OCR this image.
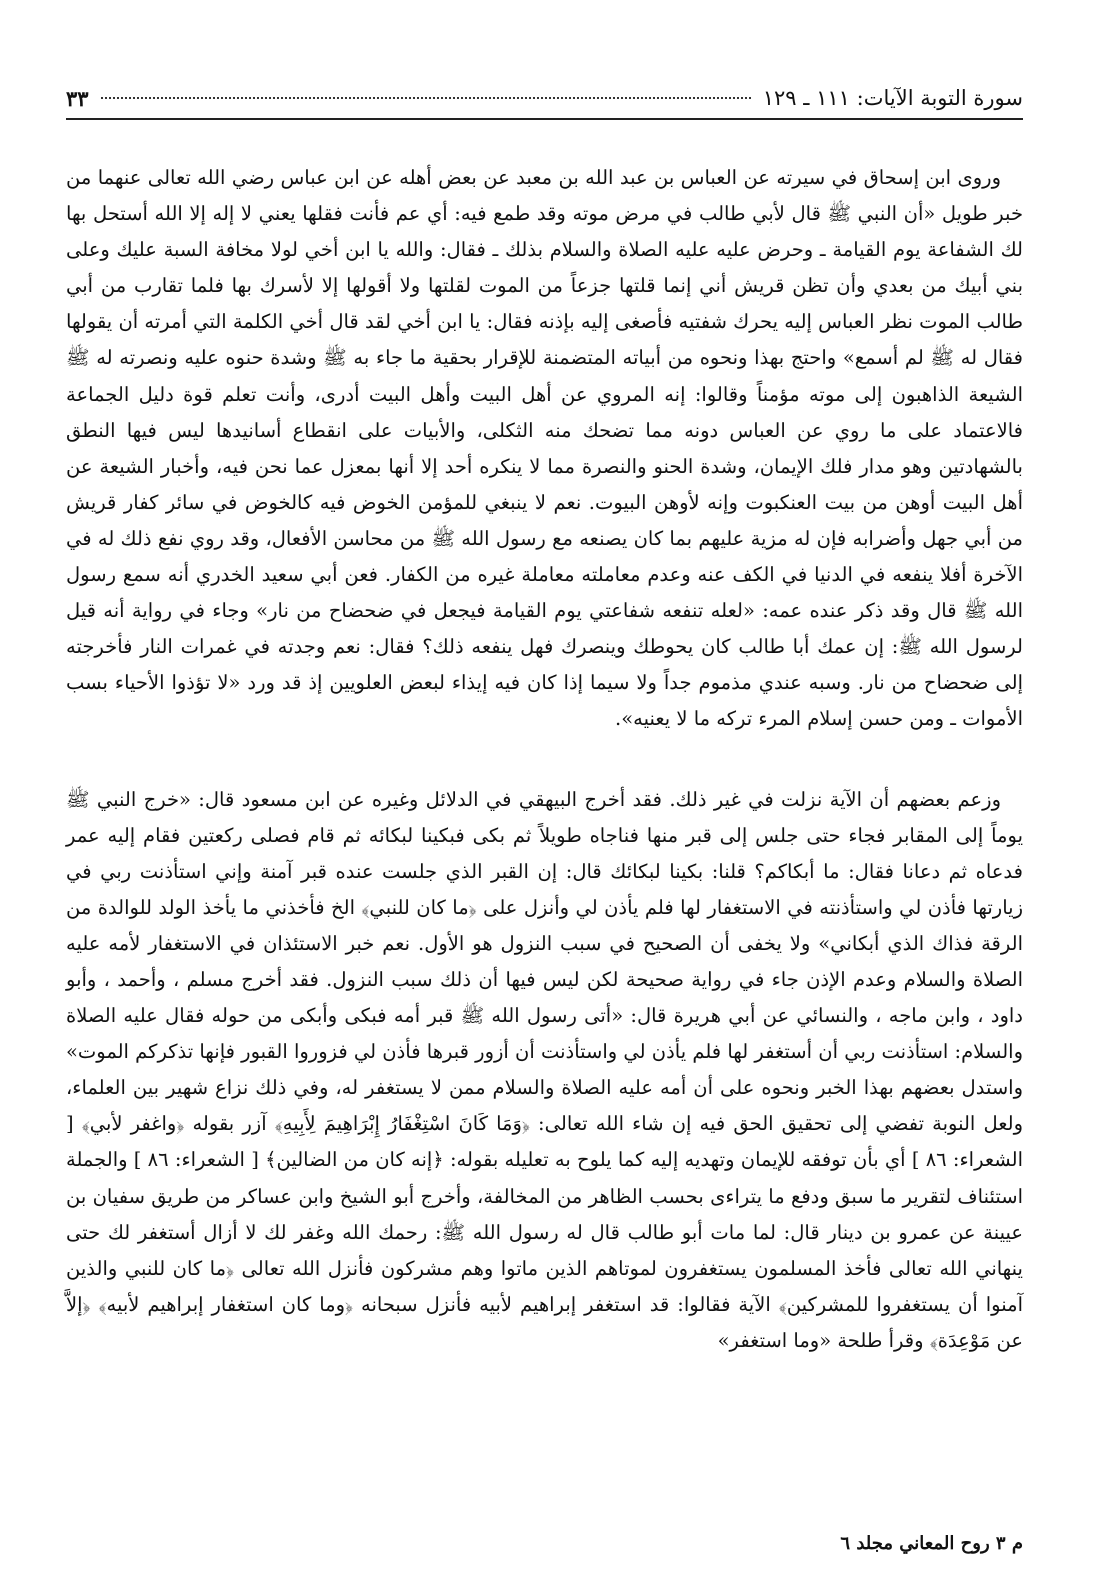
سورة التوبة الآيات: ١١١ ـ ١٢٩
٣٣

وروى ابن إسحاق في سيرته عن العباس بن عبد الله بن معبد عن بعض أهله عن ابن عباس رضي الله تعالى عنهما من خبر طويل «أن النبي ﷺ قال لأبي طالب في مرض موته وقد طمع فيه: أي عم فأنت فقلها يعني لا إله إلا الله أستحل بها لك الشفاعة يوم القيامة ـ وحرض عليه عليه الصلاة والسلام بذلك ـ فقال: والله يا ابن أخي لولا مخافة السبة عليك وعلى بني أبيك من بعدي وأن تظن قريش أني إنما قلتها جزعاً من الموت لقلتها ولا أقولها إلا لأسرك بها فلما تقارب من أبي طالب الموت نظر العباس إليه يحرك شفتيه فأصغى إليه بإذنه فقال: يا ابن أخي لقد قال أخي الكلمة التي أمرته أن يقولها فقال له ﷺ لم أسمع» واحتج بهذا ونحوه من أبياته المتضمنة للإقرار بحقية ما جاء به ﷺ وشدة حنوه عليه ونصرته له ﷺ الشيعة الذاهبون إلى موته مؤمناً وقالوا: إنه المروي عن أهل البيت وأهل البيت أدرى، وأنت تعلم قوة دليل الجماعة فالاعتماد على ما روي عن العباس دونه مما تضحك منه الثكلى، والأبيات على انقطاع أسانيدها ليس فيها النطق بالشهادتين وهو مدار فلك الإيمان، وشدة الحنو والنصرة مما لا ينكره أحد إلا أنها بمعزل عما نحن فيه، وأخبار الشيعة عن أهل البيت أوهن من بيت العنكبوت وإنه لأوهن البيوت. نعم لا ينبغي للمؤمن الخوض فيه كالخوض في سائر كفار قريش من أبي جهل وأضرابه فإن له مزية عليهم بما كان يصنعه مع رسول الله ﷺ من محاسن الأفعال، وقد روي نفع ذلك له في الآخرة أفلا ينفعه في الدنيا في الكف عنه وعدم معاملته معاملة غيره من الكفار. فعن أبي سعيد الخدري أنه سمع رسول الله ﷺ قال وقد ذكر عنده عمه: «لعله تنفعه شفاعتي يوم القيامة فيجعل في ضحضاح من نار» وجاء في رواية أنه قيل لرسول الله ﷺ: إن عمك أبا طالب كان يحوطك وينصرك فهل ينفعه ذلك؟ فقال: نعم وجدته في غمرات النار فأخرجته إلى ضحضاح من نار. وسبه عندي مذموم جداً ولا سيما إذا كان فيه إيذاء لبعض العلويين إذ قد ورد «لا تؤذوا الأحياء بسب الأموات ـ ومن حسن إسلام المرء تركه ما لا يعنيه».

وزعم بعضهم أن الآية نزلت في غير ذلك. فقد أخرج البيهقي في الدلائل وغيره عن ابن مسعود قال: «خرج النبي ﷺ يوماً إلى المقابر فجاء حتى جلس إلى قبر منها فناجاه طويلاً ثم بكى فبكينا لبكائه ثم قام فصلى ركعتين فقام إليه عمر فدعاه ثم دعانا فقال: ما أبكاكم؟ قلنا: بكينا لبكائك قال: إن القبر الذي جلست عنده قبر آمنة وإني استأذنت ربي في زيارتها فأذن لي واستأذنته في الاستغفار لها فلم يأذن لي وأنزل على ﴿ما كان للنبي﴾ الخ فأخذني ما يأخذ الولد للوالدة من الرقة فذاك الذي أبكاني» ولا يخفى أن الصحيح في سبب النزول هو الأول. نعم خبر الاستئذان في الاستغفار لأمه عليه الصلاة والسلام وعدم الإذن جاء في رواية صحيحة لكن ليس فيها أن ذلك سبب النزول. فقد أخرج مسلم ، وأحمد ، وأبو داود ، وابن ماجه ، والنسائي عن أبي هريرة قال: «أتى رسول الله ﷺ قبر أمه فبكى وأبكى من حوله فقال عليه الصلاة والسلام: استأذنت ربي أن أستغفر لها فلم يأذن لي واستأذنت أن أزور قبرها فأذن لي فزوروا القبور فإنها تذكركم الموت» واستدل بعضهم بهذا الخبر ونحوه على أن أمه عليه الصلاة والسلام ممن لا يستغفر له، وفي ذلك نزاع شهير بين العلماء، ولعل النوبة تفضي إلى تحقيق الحق فيه إن شاء الله تعالى: ﴿وَمَا كَانَ اسْتِغْفَارُ إِبْرَاهِيمَ لِأَبِيهِ﴾ آزر بقوله ﴿واغفر لأبي﴾ [ الشعراء: ٨٦ ] أي بأن توفقه للإيمان وتهديه إليه كما يلوح به تعليله بقوله: ﴿إنه كان من الضالين﴾ [ الشعراء: ٨٦ ] والجملة استئناف لتقرير ما سبق ودفع ما يتراءى بحسب الظاهر من المخالفة، وأخرج أبو الشيخ وابن عساكر من طريق سفيان بن عيينة عن عمرو بن دينار قال: لما مات أبو طالب قال له رسول الله ﷺ: رحمك الله وغفر لك لا أزال أستغفر لك حتى ينهاني الله تعالى فأخذ المسلمون يستغفرون لموتاهم الذين ماتوا وهم مشركون فأنزل الله تعالى ﴿ما كان للنبي والذين آمنوا أن يستغفروا للمشركين﴾ الآية فقالوا: قد استغفر إبراهيم لأبيه فأنزل سبحانه ﴿وما كان استغفار إبراهيم لأبيه﴾ ﴿إلاَّ عن مَوْعِدَة﴾ وقرأ طلحة «وما استغفر»

م ٣ روح المعاني مجلد ٦
